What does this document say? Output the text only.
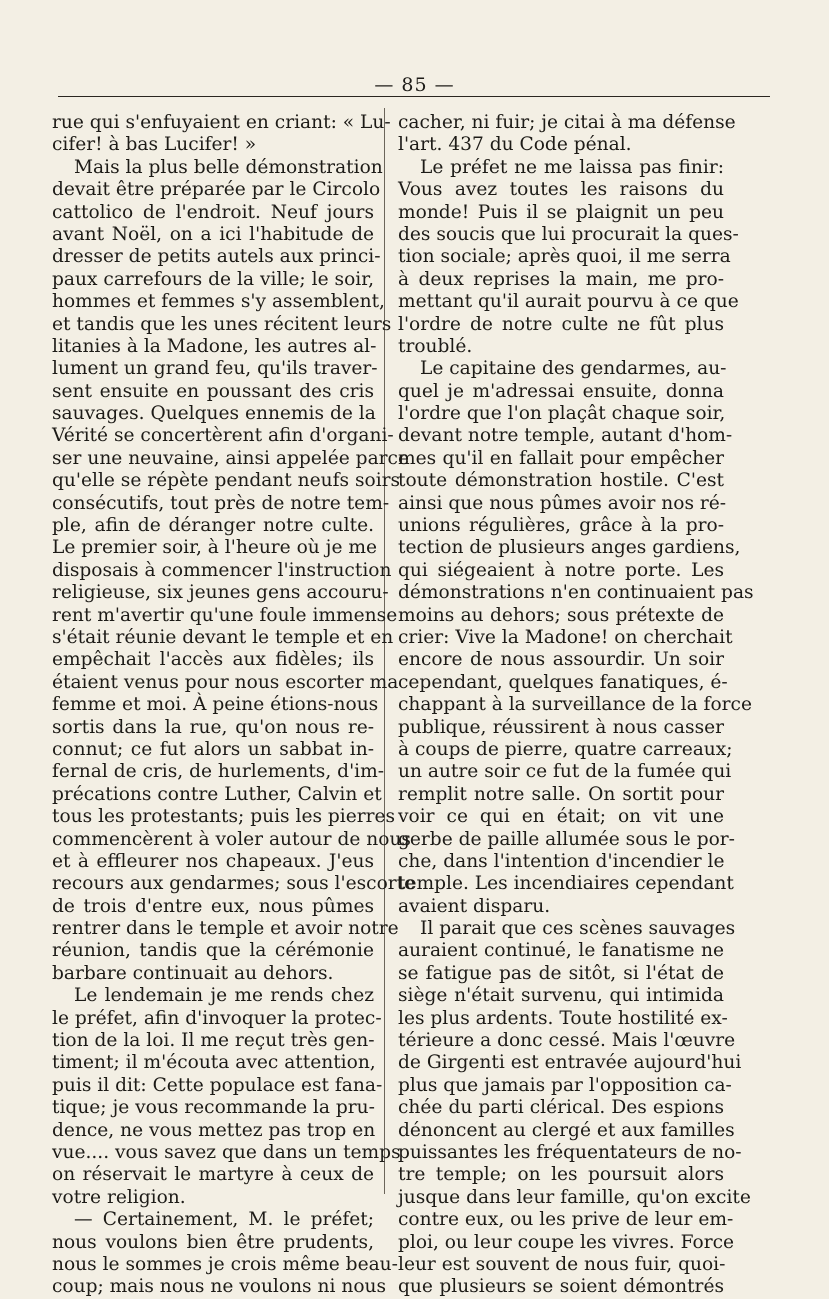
— 85 —
rue qui s'enfuyaient en criant: « Lu-
cifer! à bas Lucifer! »
Mais la plus belle démonstration
devait être préparée par le Circolo
cattolico de l'endroit. Neuf jours
avant Noël, on a ici l'habitude de
dresser de petits autels aux princi-
paux carrefours de la ville; le soir,
hommes et femmes s'y assemblent,
et tandis que les unes récitent leurs
litanies à la Madone, les autres al-
lument un grand feu, qu'ils traver-
sent ensuite en poussant des cris
sauvages. Quelques ennemis de la
Vérité se concertèrent afin d'organi-
ser une neuvaine, ainsi appelée parce
qu'elle se répète pendant neufs soirs
consécutifs, tout près de notre tem-
ple, afin de déranger notre culte.
Le premier soir, à l'heure où je me
disposais à commencer l'instruction
religieuse, six jeunes gens accouru-
rent m'avertir qu'une foule immense
s'était réunie devant le temple et en
empêchait l'accès aux fidèles; ils
étaient venus pour nous escorter ma
femme et moi. À peine étions-nous
sortis dans la rue, qu'on nous re-
connut; ce fut alors un sabbat in-
fernal de cris, de hurlements, d'im-
précations contre Luther, Calvin et
tous les protestants; puis les pierres
commencèrent à voler autour de nous
et à effleurer nos chapeaux. J'eus
recours aux gendarmes; sous l'escorte
de trois d'entre eux, nous pûmes
rentrer dans le temple et avoir notre
réunion, tandis que la cérémonie
barbare continuait au dehors.
Le lendemain je me rends chez
le préfet, afin d'invoquer la protec-
tion de la loi. Il me reçut très gen-
timent; il m'écouta avec attention,
puis il dit: Cette populace est fana-
tique; je vous recommande la pru-
dence, ne vous mettez pas trop en
vue.... vous savez que dans un temps
on réservait le martyre à ceux de
votre religion.
— Certainement, M. le préfet;
nous voulons bien être prudents,
nous le sommes je crois même beau-
coup; mais nous ne voulons ni nous
cacher, ni fuir; je citai à ma défense
l'art. 437 du Code pénal.
Le préfet ne me laissa pas finir:
Vous avez toutes les raisons du
monde! Puis il se plaignit un peu
des soucis que lui procurait la ques-
tion sociale; après quoi, il me serra
à deux reprises la main, me pro-
mettant qu'il aurait pourvu à ce que
l'ordre de notre culte ne fût plus
troublé.
Le capitaine des gendarmes, au-
quel je m'adressai ensuite, donna
l'ordre que l'on plaçât chaque soir,
devant notre temple, autant d'hom-
mes qu'il en fallait pour empêcher
toute démonstration hostile. C'est
ainsi que nous pûmes avoir nos ré-
unions régulières, grâce à la pro-
tection de plusieurs anges gardiens,
qui siégeaient à notre porte. Les
démonstrations n'en continuaient pas
moins au dehors; sous prétexte de
crier: Vive la Madone! on cherchait
encore de nous assourdir. Un soir
cependant, quelques fanatiques, é-
chappant à la surveillance de la force
publique, réussirent à nous casser
à coups de pierre, quatre carreaux;
un autre soir ce fut de la fumée qui
remplit notre salle. On sortit pour
voir ce qui en était; on vit une
gerbe de paille allumée sous le por-
che, dans l'intention d'incendier le
temple. Les incendiaires cependant
avaient disparu.
Il parait que ces scènes sauvages
auraient continué, le fanatisme ne
se fatigue pas de sitôt, si l'état de
siège n'était survenu, qui intimida
les plus ardents. Toute hostilité ex-
térieure a donc cessé. Mais l'œuvre
de Girgenti est entravée aujourd'hui
plus que jamais par l'opposition ca-
chée du parti clérical. Des espions
dénoncent au clergé et aux familles
puissantes les fréquentateurs de no-
tre temple; on les poursuit alors
jusque dans leur famille, qu'on excite
contre eux, ou les prive de leur em-
ploi, ou leur coupe les vivres. Force
leur est souvent de nous fuir, quoi-
que plusieurs se soient démontrés
